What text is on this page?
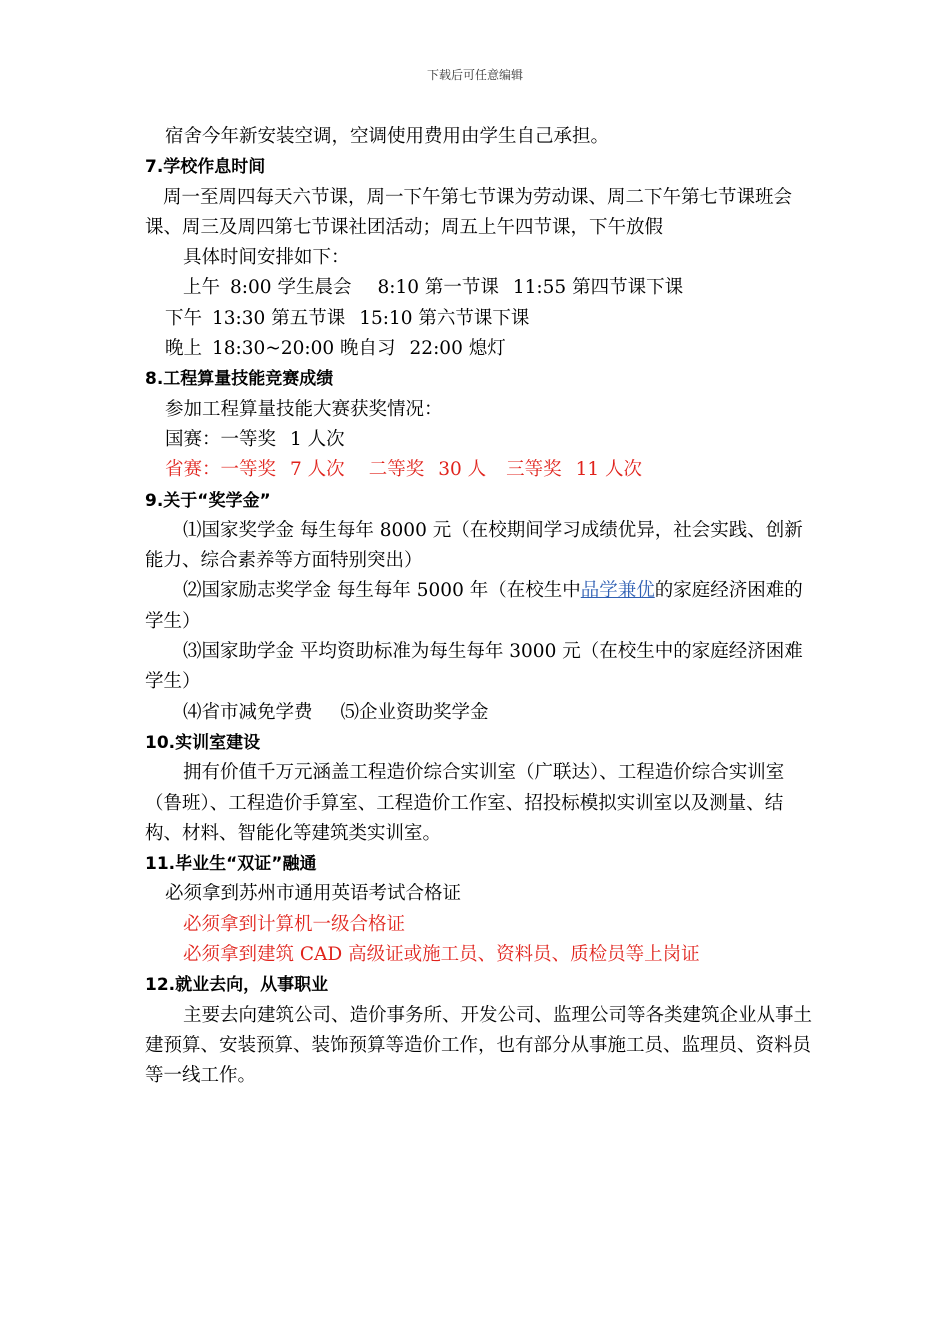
下载后可任意编辑
宿舍今年新安装空调，空调使用费用由学生自己承担。
7.学校作息时间
周一至周四每天六节课，周一下午第七节课为劳动课、周二下午第七节课班会课、周三及周四第七节课社团活动；周五上午四节课，下午放假
具体时间安排如下：
上午 8:00 学生晨会 8:10 第一节课 11:55 第四节课下课
下午 13:30 第五节课 15:10 第六节课下课
晚上 18:30~20:00 晚自习 22:00 熄灯
8.工程算量技能竞赛成绩
参加工程算量技能大赛获奖情况：
国赛：一等奖 1 人次
省赛：一等奖 7 人次 二等奖 30 人 三等奖 11 人次
9.关于“奖学金”
⑴国家奖学金 每生每年 8000 元（在校期间学习成绩优异，社会实践、创新能力、综合素养等方面特别突出）
⑵国家励志奖学金 每生每年 5000 年（在校生中品学兼优的家庭经济困难的学生）
⑶国家助学金 平均资助标准为每生每年 3000 元（在校生中的家庭经济困难学生）
⑷省市减免学费 ⑸企业资助奖学金
10.实训室建设
拥有价值千万元涵盖工程造价综合实训室（广联达）、工程造价综合实训室（鲁班）、工程造价手算室、工程造价工作室、招投标模拟实训室以及测量、结构、材料、智能化等建筑类实训室。
11.毕业生“双证”融通
必须拿到苏州市通用英语考试合格证
必须拿到计算机一级合格证
必须拿到建筑 CAD 高级证或施工员、资料员、质检员等上岗证
12.就业去向，从事职业
主要去向建筑公司、造价事务所、开发公司、监理公司等各类建筑企业从事土建预算、安装预算、装饰预算等造价工作，也有部分从事施工员、监理员、资料员等一线工作。
